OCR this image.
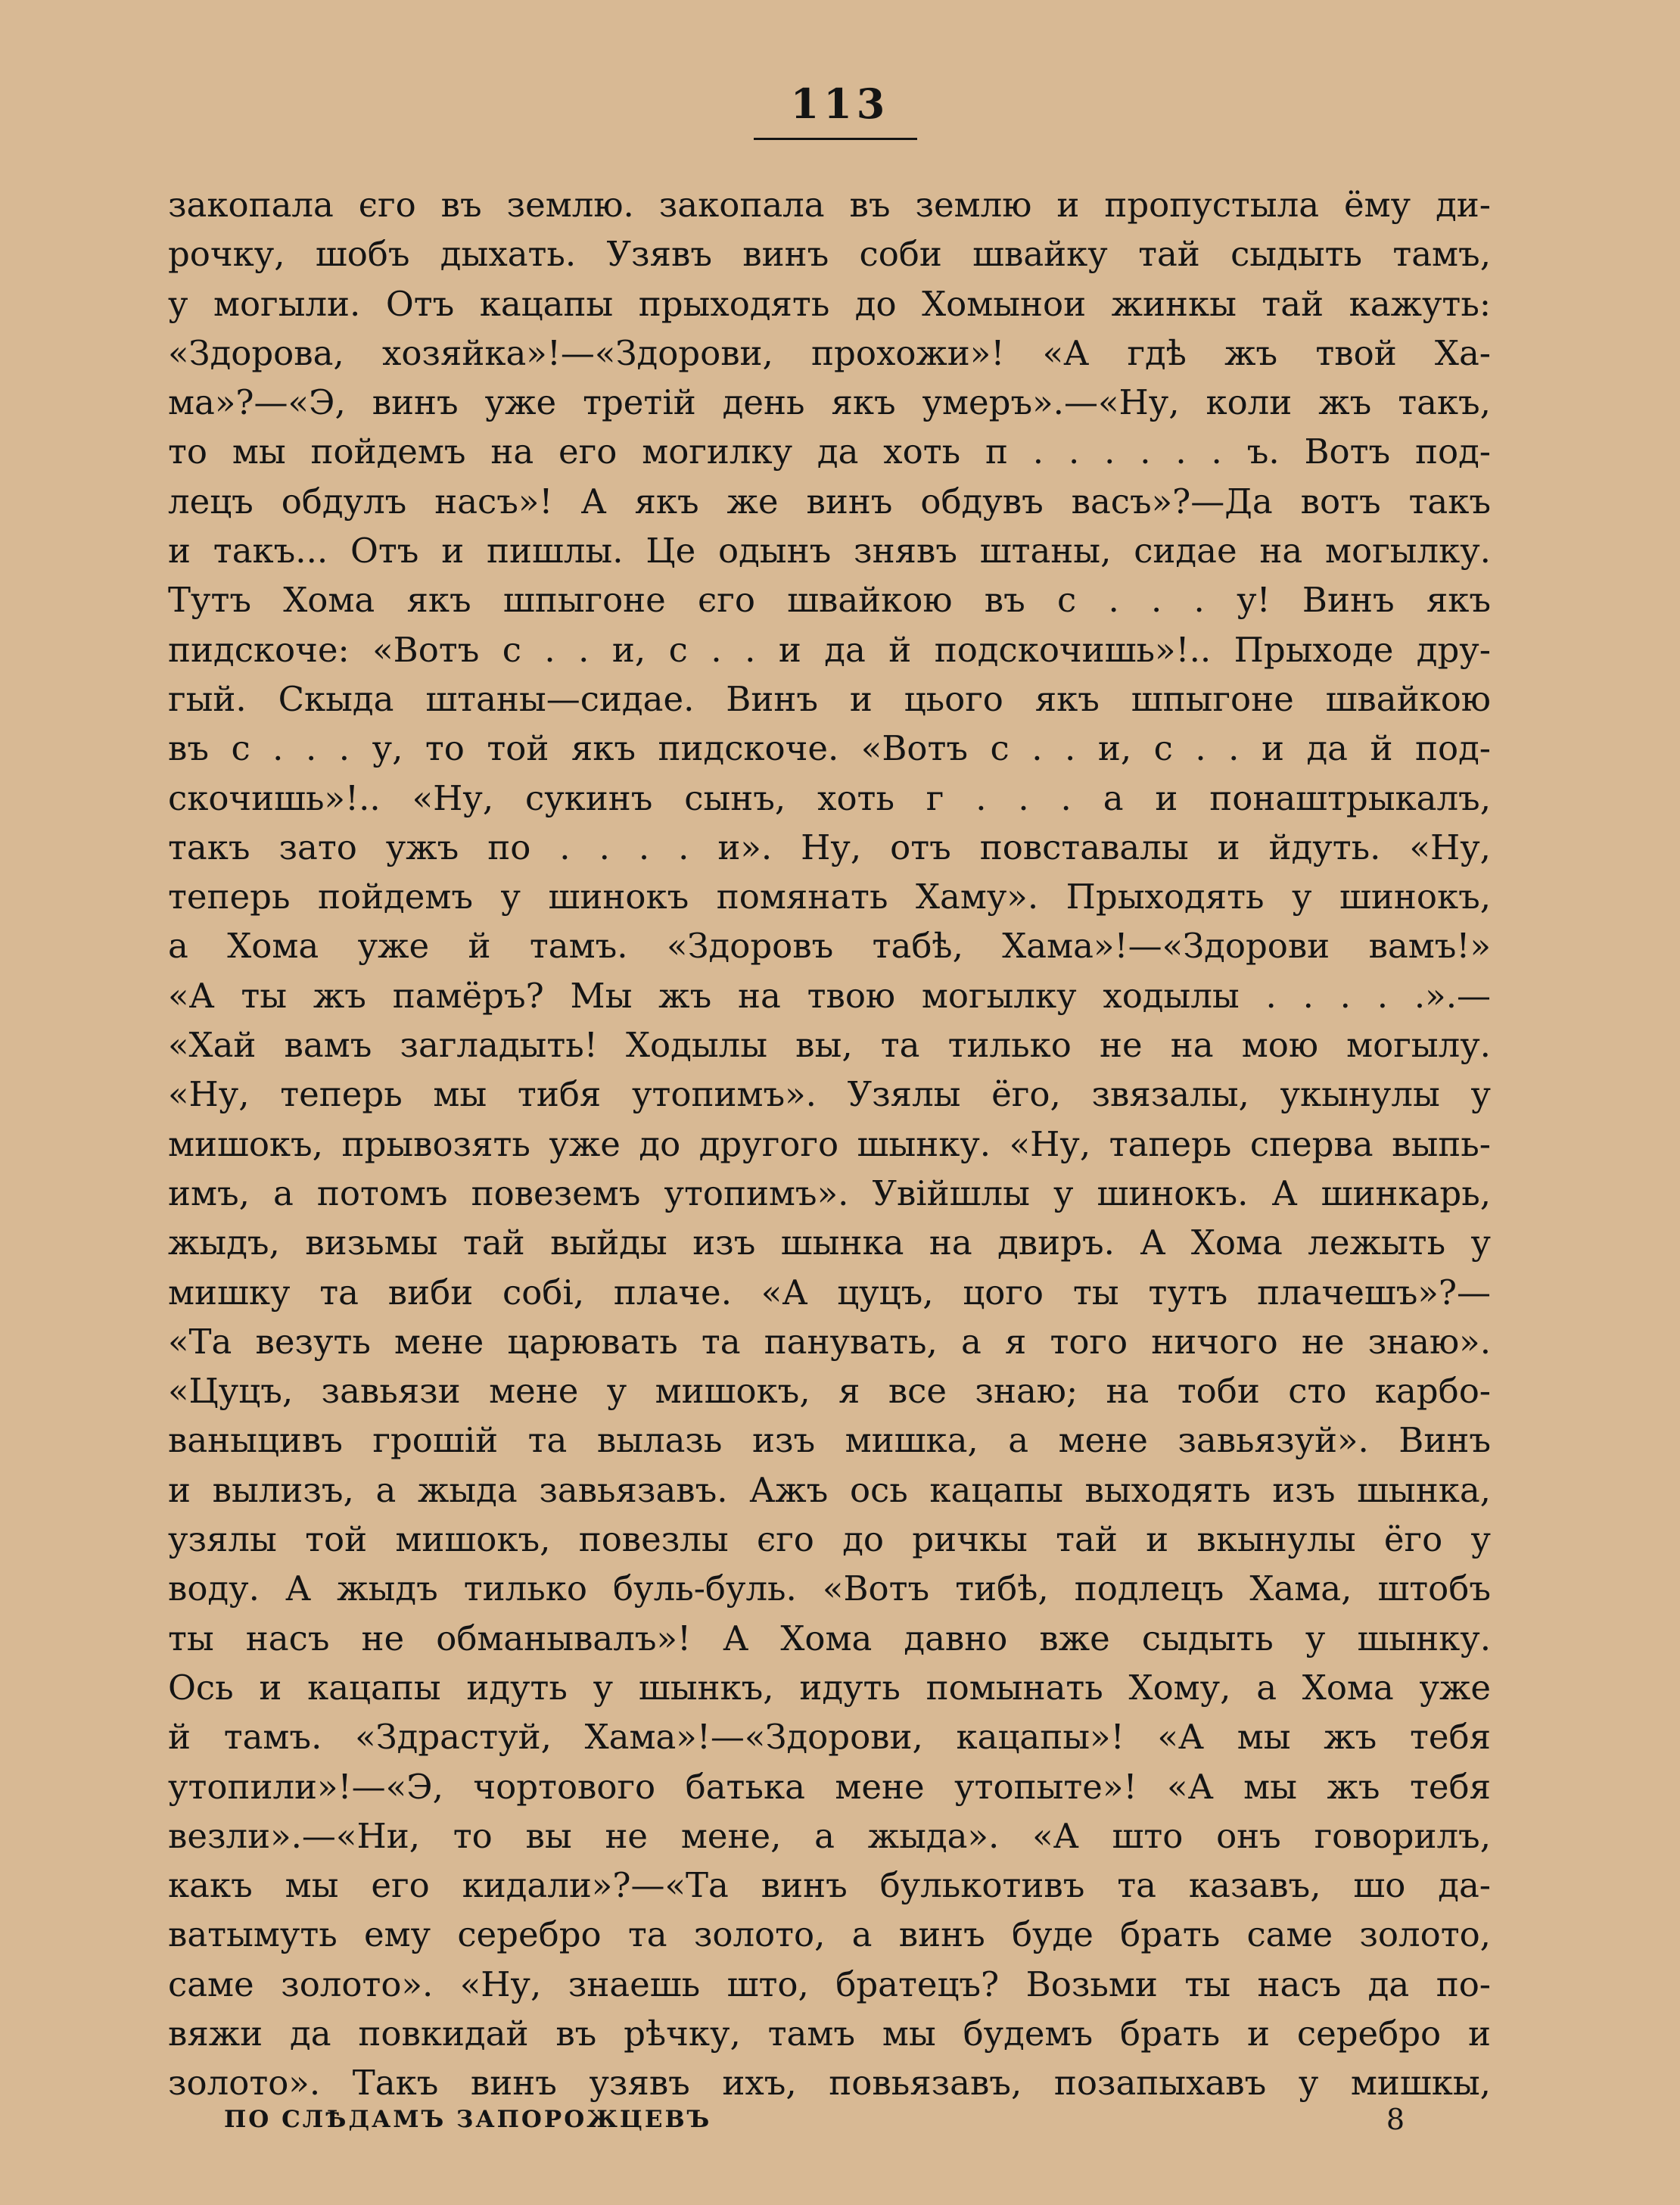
113
закопала єго въ землю. закопала въ землю и пропустыла ёму ди-
рочку, шобъ дыхать. Узявъ винъ соби швайку тай сыдыть тамъ,
у могыли. Отъ кацапы прыходять до Хомынои жинкы тай кажуть:
«Здорова, хозяйка»!—«Здорови, прохожи»! «А гдѣ жъ твой Ха-
ма»?—«Э, винъ уже третій день якъ умеръ».—«Ну, коли жъ такъ,
то мы пойдемъ на его могилку да хоть п . . . . . . ъ. Вотъ под-
лецъ обдулъ насъ»! А якъ же винъ обдувъ васъ»?—Да вотъ такъ
и такъ... Отъ и пишлы. Це одынъ знявъ штаны, сидае на могылку.
Тутъ Хома якъ шпыгоне єго швайкою въ с . . . у! Винъ якъ
пидскоче: «Вотъ с . . и, с . . и да й подскочишь»!.. Прыходе дру-
гый. Скыда штаны—сидае. Винъ и цього якъ шпыгоне швайкою
въ с . . . у, то той якъ пидскоче. «Вотъ с . . и, с . . и да й под-
скочишь»!.. «Ну, сукинъ сынъ, хоть г . . . а и понаштрыкалъ,
такъ зато ужъ по . . . . и». Ну, отъ повставалы и йдуть. «Ну,
теперь пойдемъ у шинокъ помянать Хаму». Прыходять у шинокъ,
а Хома уже й тамъ. «Здоровъ табѣ, Хама»!—«Здорови вамъ!»
«А ты жъ памёръ? Мы жъ на твою могылку ходылы . . . . .».—
«Хай вамъ загладыть! Ходылы вы, та тилько не на мою могылу.
«Ну, теперь мы тибя утопимъ». Узялы ёго, звязалы, укынулы у
мишокъ, прывозять уже до другого шынку. «Ну, таперь сперва выпь-
имъ, а потомъ повеземъ утопимъ». Увійшлы у шинокъ. А шинкарь,
жыдъ, визьмы тай выйды изъ шынка на двиръ. А Хома лежыть у
мишку та виби собі, плаче. «А цуцъ, цого ты тутъ плачешъ»?—
«Та везуть мене царювать та панувать, а я того ничого не знаю».
«Цуцъ, завьязи мене у мишокъ, я все знаю; на тоби сто карбо-
ваныцивъ грошій та вылазь изъ мишка, а мене завьязуй». Винъ
и вылизъ, а жыда завьязавъ. Ажъ ось кацапы выходять изъ шынка,
узялы той мишокъ, повезлы єго до ричкы тай и вкынулы ёго у
воду. А жыдъ тилько буль-буль. «Вотъ тибѣ, подлецъ Хама, штобъ
ты насъ не обманывалъ»! А Хома давно вже сыдыть у шынку.
Ось и кацапы идуть у шынкъ, идуть помынать Хому, а Хома уже
й тамъ. «Здрастуй, Хама»!—«Здорови, кацапы»! «А мы жъ тебя
утопили»!—«Э, чортового батька мене утопыте»! «А мы жъ тебя
везли».—«Ни, то вы не мене, а жыда». «А што онъ говорилъ,
какъ мы его кидали»?—«Та винъ булькотивъ та казавъ, шо да-
ватымуть ему серебро та золото, а винъ буде брать саме золото,
саме золото». «Ну, знаешь што, братецъ? Возьми ты насъ да по-
вяжи да повкидай въ рѣчку, тамъ мы будемъ брать и серебро и
золото». Такъ винъ узявъ ихъ, повьязавъ, позапыхавъ у мишкы,
ПО СЛѢДАМЪ ЗАПОРОЖЦЕВЪ	8
